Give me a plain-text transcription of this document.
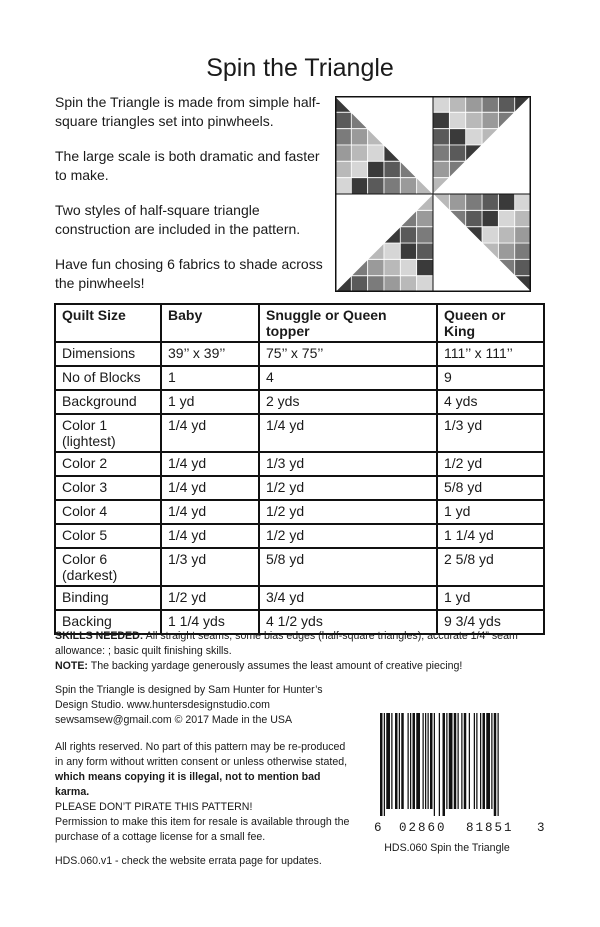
Spin the Triangle

Spin the Triangle is made from simple half-square triangles set into pinwheels.

The large scale is both dramatic and faster to make.

Two styles of half-square triangle construction are included in the pattern.

Have fun chosing 6 fabrics to shade across the pinwheels!

Quilt Size	Baby	Snuggle or Queen topper	Queen or King
Dimensions	39’’ x 39’’	75’’ x 75’’	111’’ x 111’’
No of Blocks	1	4	9
Background	1 yd	2 yds	4 yds
Color 1 (lightest)	1/4 yd	1/4 yd	1/3 yd
Color 2	1/4 yd	1/3 yd	1/2 yd
Color 3	1/4 yd	1/2 yd	5/8 yd
Color 4	1/4 yd	1/2 yd	1 yd
Color 5	1/4 yd	1/2 yd	1 1/4 yd
Color 6 (darkest)	1/3 yd	5/8 yd	2 5/8 yd
Binding	1/2 yd	3/4 yd	1 yd
Backing	1 1/4 yds	4 1/2 yds	9 3/4 yds

SKILLS NEEDED: All straight seams, some bias edges (half-square triangles); accurate 1/4” seam allowance: ; basic quilt finishing skills.

NOTE: The backing yardage generously assumes the least amount of creative piecing!

Spin the Triangle is designed by Sam Hunter for Hunter’s

Design Studio. www.huntersdesignstudio.com

sewsamsew@gmail.com © 2017 Made in the USA

All rights reserved. No part of this pattern may be re-produced in any form without written consent or unless otherwise stated, which means copying it is illegal, not to mention bad karma.

PLEASE DON’T PIRATE THIS PATTERN!

Permission to make this item for resale is available through the purchase of a cottage license for a small fee.

HDS.060.v1 - check the website errata page for updates.
6 02860 81851 3
HDS.060 Spin the Triangle
